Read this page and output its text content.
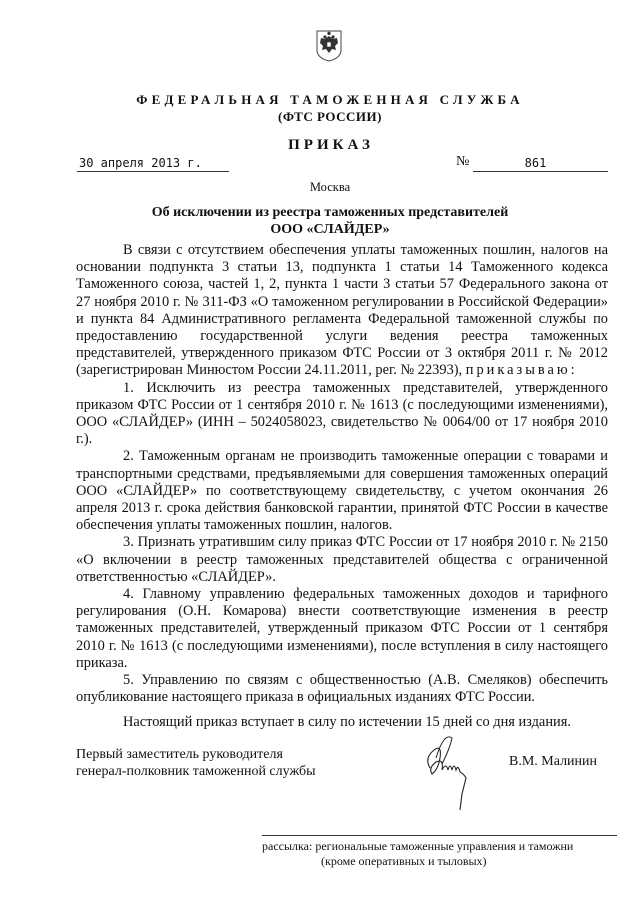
ФЕДЕРАЛЬНАЯ ТАМОЖЕННАЯ СЛУЖБА
(ФТС РОССИИ)
ПРИКАЗ
30 апреля 2013 г.	№	861
Москва
Об исключении из реестра таможенных представителей
ООО «СЛАЙДЕР»

В связи с отсутствием обеспечения уплаты таможенных пошлин, налогов на основании подпункта 3 статьи 13, подпункта 1 статьи 14 Таможенного кодекса Таможенного союза, частей 1, 2, пункта 1 части 3 статьи 57 Федерального закона от 27 ноября 2010 г. № 311-ФЗ «О таможенном регулировании в Российской Федерации» и пункта 84 Административного регламента Федеральной таможенной службы по предоставлению государственной услуги ведения реестра таможенных представителей, утвержденного приказом ФТС России от 3 октября 2011 г. № 2012 (зарегистрирован Минюстом России 24.11.2011, рег. № 22393), приказываю:

1. Исключить из реестра таможенных представителей, утвержденного приказом ФТС России от 1 сентября 2010 г. № 1613 (с последующими изменениями), ООО «СЛАЙДЕР» (ИНН – 5024058023, свидетельство № 0064/00 от 17 ноября 2010 г.).

2. Таможенным органам не производить таможенные операции с товарами и транспортными средствами, предъявляемыми для совершения таможенных операций ООО «СЛАЙДЕР» по соответствующему свидетельству, с учетом окончания 26 апреля 2013 г. срока действия банковской гарантии, принятой ФТС России в качестве обеспечения уплаты таможенных пошлин, налогов.

3. Признать утратившим силу приказ ФТС России от 17 ноября 2010 г. № 2150 «О включении в реестр таможенных представителей общества с ограниченной ответственностью «СЛАЙДЕР».

4. Главному управлению федеральных таможенных доходов и тарифного регулирования (О.Н. Комарова) внести соответствующие изменения в реестр таможенных представителей, утвержденный приказом ФТС России от 1 сентября 2010 г. № 1613 (с последующими изменениями), после вступления в силу настоящего приказа.

5. Управлению по связям с общественностью (А.В. Смеляков) обеспечить опубликование настоящего приказа в официальных изданиях ФТС России.

Настоящий приказ вступает в силу по истечении 15 дней со дня издания.

Первый заместитель руководителя
генерал-полковник таможенной службы
В.М. Малинин
рассылка: региональные таможенные управления и таможни
(кроме оперативных и тыловых)
